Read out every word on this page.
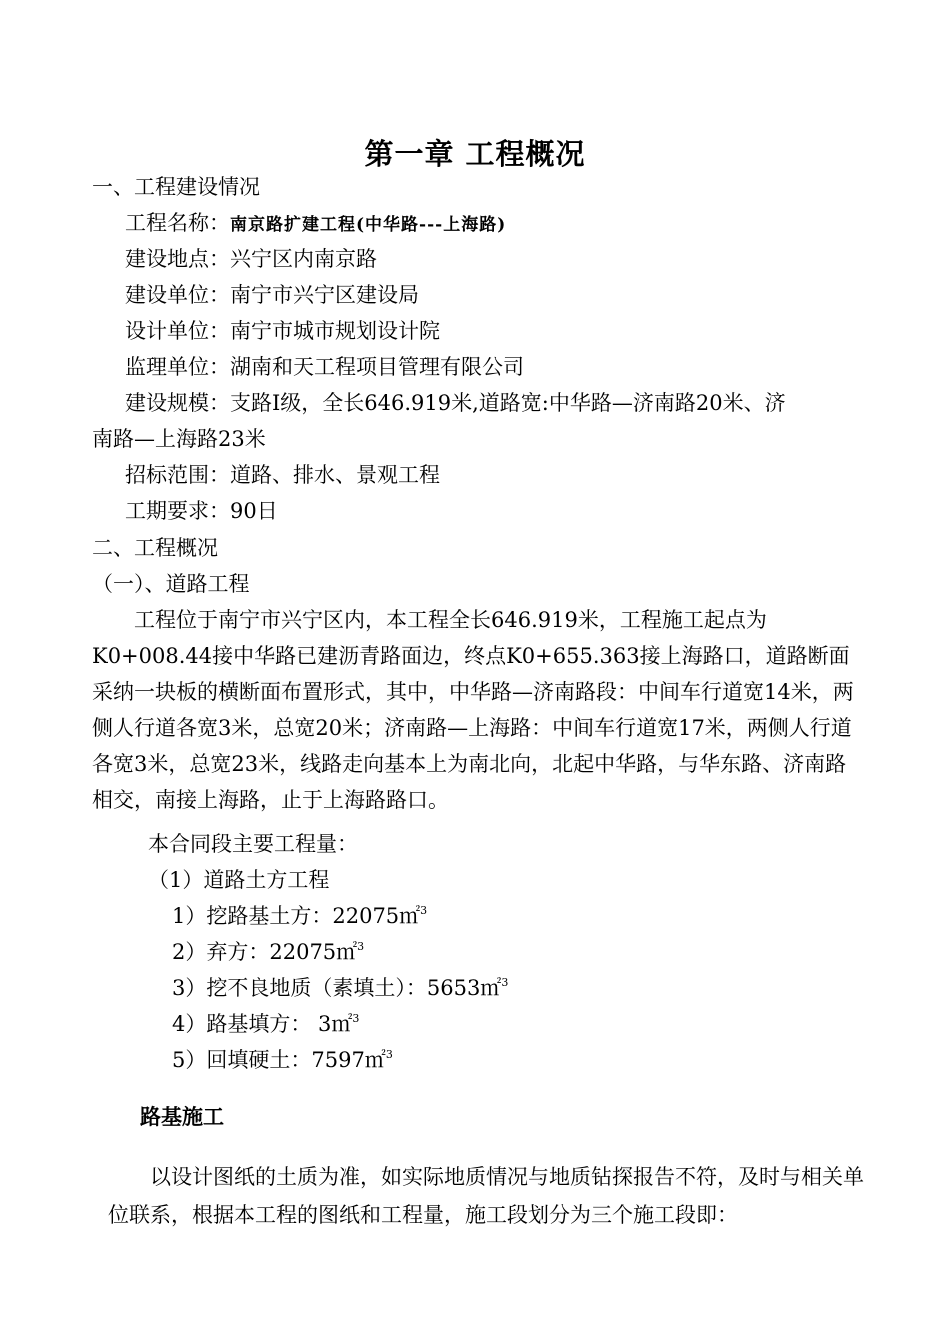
第一章 工程概况

一、工程建设情况

工程名称：南京路扩建工程(中华路---上海路)

建设地点：兴宁区内南京路

建设单位：南宁市兴宁区建设局

设计单位：南宁市城市规划设计院

监理单位：湖南和天工程项目管理有限公司

建设规模：支路Ⅰ级，全长646.919米,道路宽:中华路—济南路20米、济

南路—上海路23米

招标范围：道路、排水、景观工程

工期要求：90日

二、工程概况

（一）、道路工程

工程位于南宁市兴宁区内，本工程全长646.919米，工程施工起点为K0+008.44接中华路已建沥青路面边，终点K0+655.363接上海路口，道路断面采纳一块板的横断面布置形式，其中，中华路—济南路段：中间车行道宽14米，两侧人行道各宽3米，总宽20米；济南路—上海路：中间车行道宽17米，两侧人行道各宽3米，总宽23米，线路走向基本上为南北向，北起中华路，与华东路、济南路相交，南接上海路，止于上海路路口。

本合同段主要工程量：

（1）道路土方工程

1）挖路基土方：22075㎡$^3$

2）弃方：22075㎡$^3$

3）挖不良地质（素填土）：5653㎡$^3$

4）路基填方： 3㎡$^3$

5）回填硬土：7597㎡$^3$

路基施工

以设计图纸的土质为准，如实际地质情况与地质钻探报告不符，及时与相关单位联系，根据本工程的图纸和工程量，施工段划分为三个施工段即：
